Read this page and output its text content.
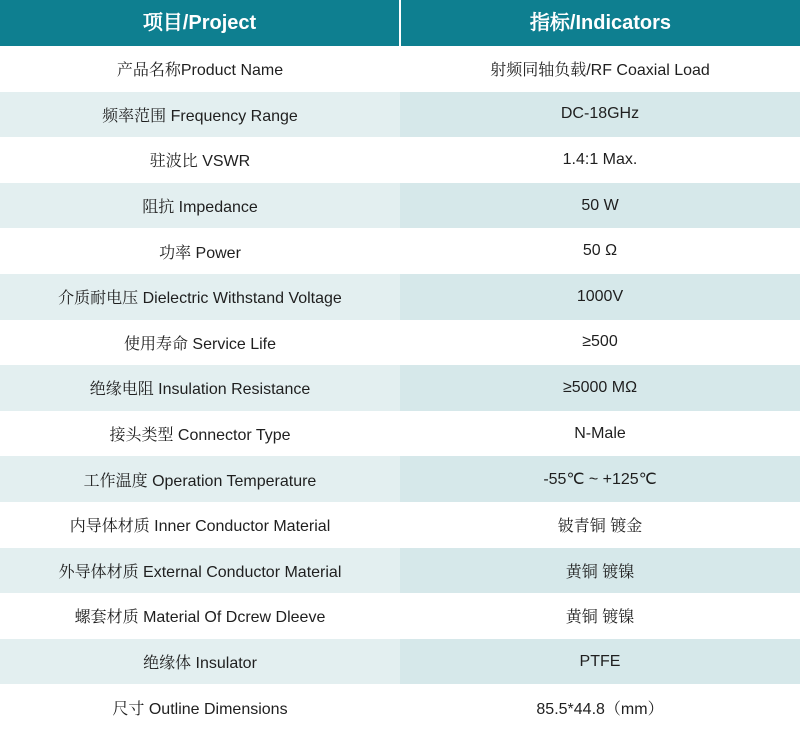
项目/Project	指标/Indicators
产品名称Product Name	射频同轴负载/RF Coaxial Load
频率范围 Frequency Range	DC-18GHz
驻波比 VSWR	1.4:1 Max.
阻抗 Impedance	50 W
功率 Power	50 Ω
介质耐电压 Dielectric Withstand Voltage	1000V
使用寿命 Service Life	≥500
绝缘电阻 Insulation Resistance	≥5000 MΩ
接头类型 Connector Type	N-Male
工作温度 Operation Temperature	-55℃ ~ +125℃
内导体材质 Inner Conductor Material	铍青铜 镀金
外导体材质 External Conductor Material	黄铜 镀镍
螺套材质 Material Of Dcrew Dleeve	黄铜 镀镍
绝缘体 Insulator	PTFE
尺寸 Outline Dimensions	85.5*44.8（mm）
